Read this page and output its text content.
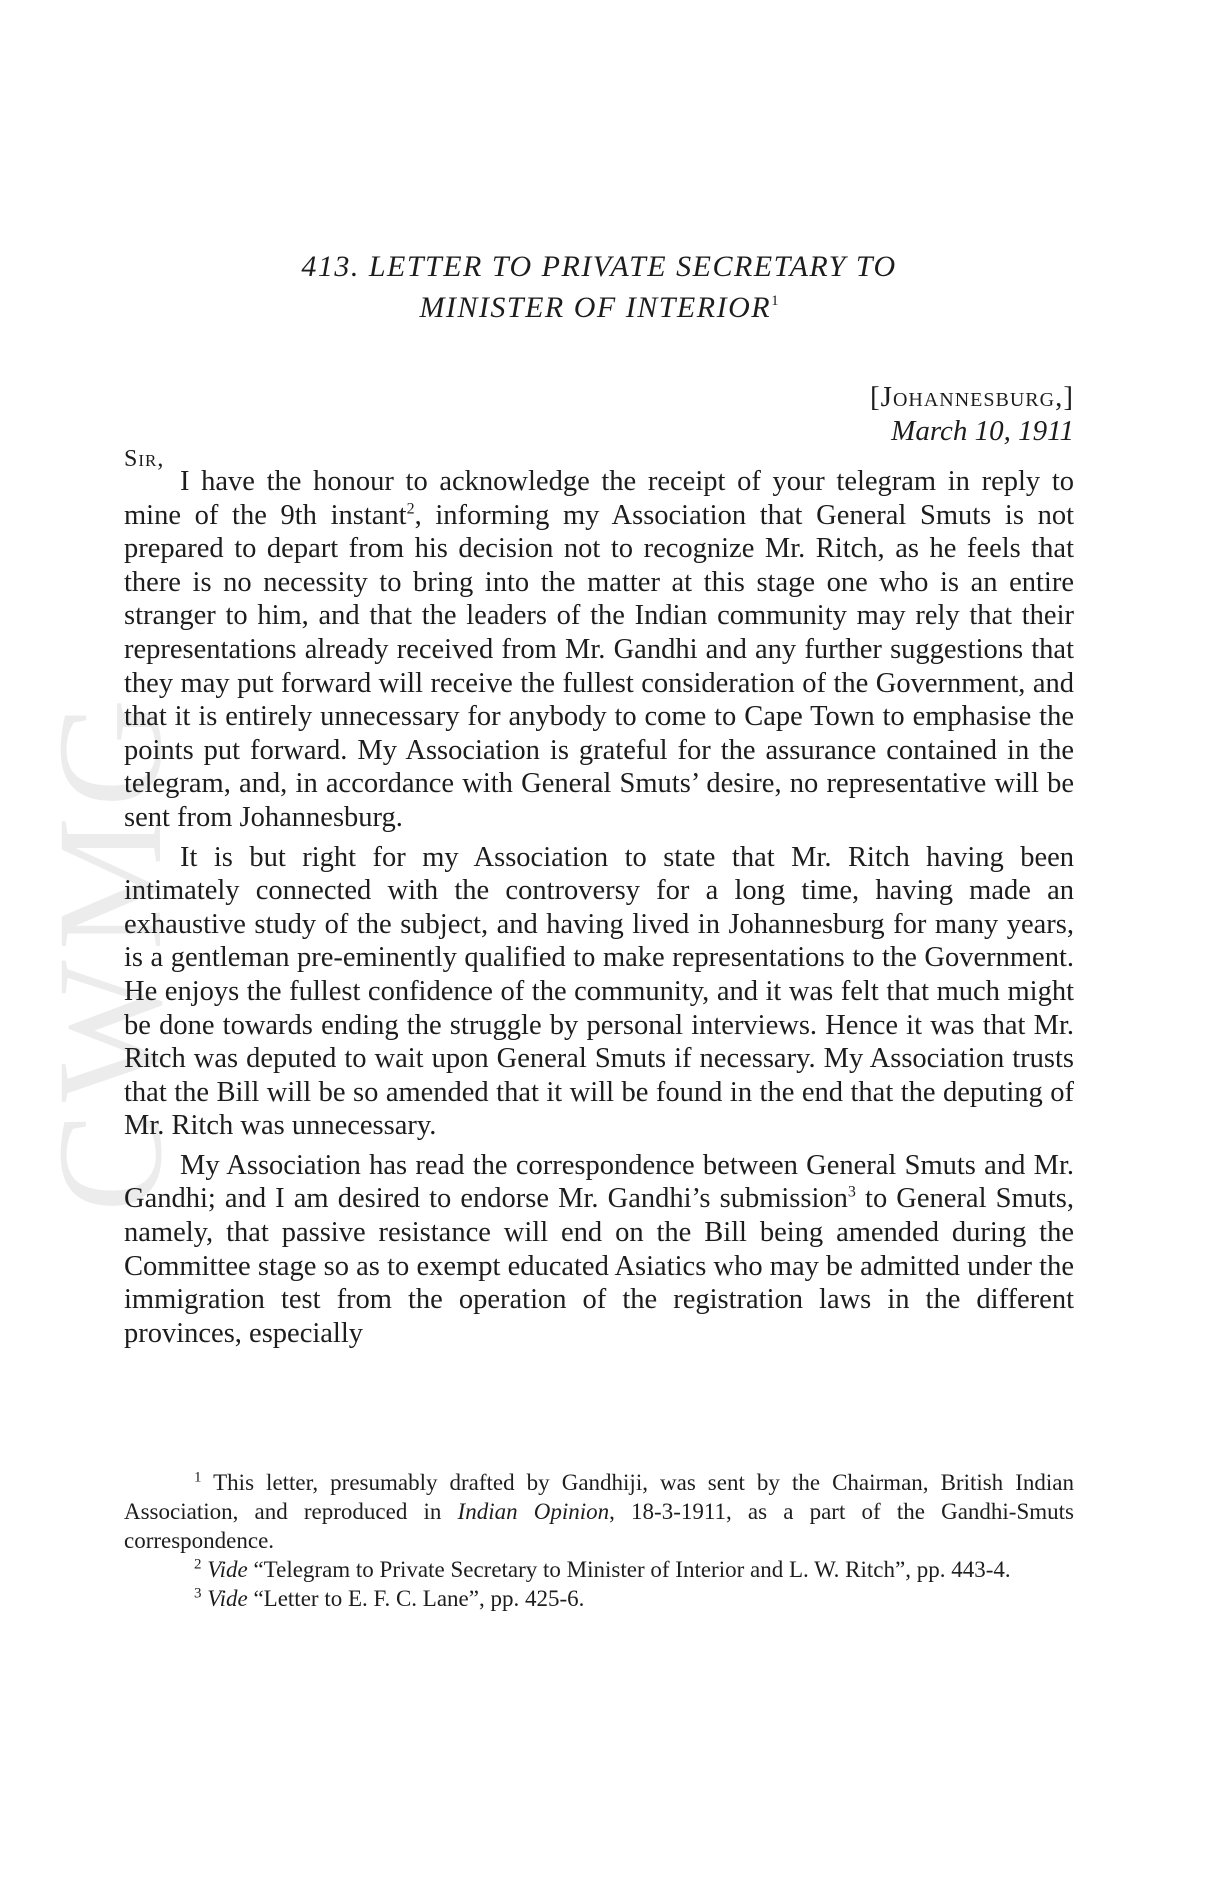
CWMG
413. LETTER TO PRIVATE SECRETARY TO
MINISTER OF INTERIOR$^1$
[Johannesburg,]
March 10, 1911
Sir,

I have the honour to acknowledge the receipt of your telegram in reply to mine of the 9th instant$^2$, informing my Association that General Smuts is not prepared to depart from his decision not to recognize Mr. Ritch, as he feels that there is no necessity to bring into the matter at this stage one who is an entire stranger to him, and that the leaders of the Indian community may rely that their representations already received from Mr. Gandhi and any further suggestions that they may put forward will receive the fullest consideration of the Government, and that it is entirely unnecessary for anybody to come to Cape Town to emphasise the points put forward. My Association is grateful for the assurance contained in the telegram, and, in accordance with General Smuts’ desire, no representative will be sent from Johannesburg.

It is but right for my Association to state that Mr. Ritch having been intimately connected with the controversy for a long time, having made an exhaustive study of the subject, and having lived in Johannesburg for many years, is a gentleman pre-eminently qualified to make representations to the Government. He enjoys the fullest confidence of the community, and it was felt that much might be done towards ending the struggle by personal interviews. Hence it was that Mr. Ritch was deputed to wait upon General Smuts if necessary. My Association trusts that the Bill will be so amended that it will be found in the end that the deputing of Mr. Ritch was unnecessary.

My Association has read the correspondence between General Smuts and Mr. Gandhi; and I am desired to endorse Mr. Gandhi’s submission$^3$ to General Smuts, namely, that passive resistance will end on the Bill being amended during the Committee stage so as to exempt educated Asiatics who may be admitted under the immigration test from the operation of the registration laws in the different provinces, especially

$^1$ This letter, presumably drafted by Gandhiji, was sent by the Chairman, British Indian Association, and reproduced in Indian Opinion, 18-3-1911, as a part of the Gandhi-Smuts correspondence.

$^2$ Vide “Telegram to Private Secretary to Minister of Interior and L. W. Ritch”, pp. 443-4.

$^3$ Vide “Letter to E. F. C. Lane”, pp. 425-6.
